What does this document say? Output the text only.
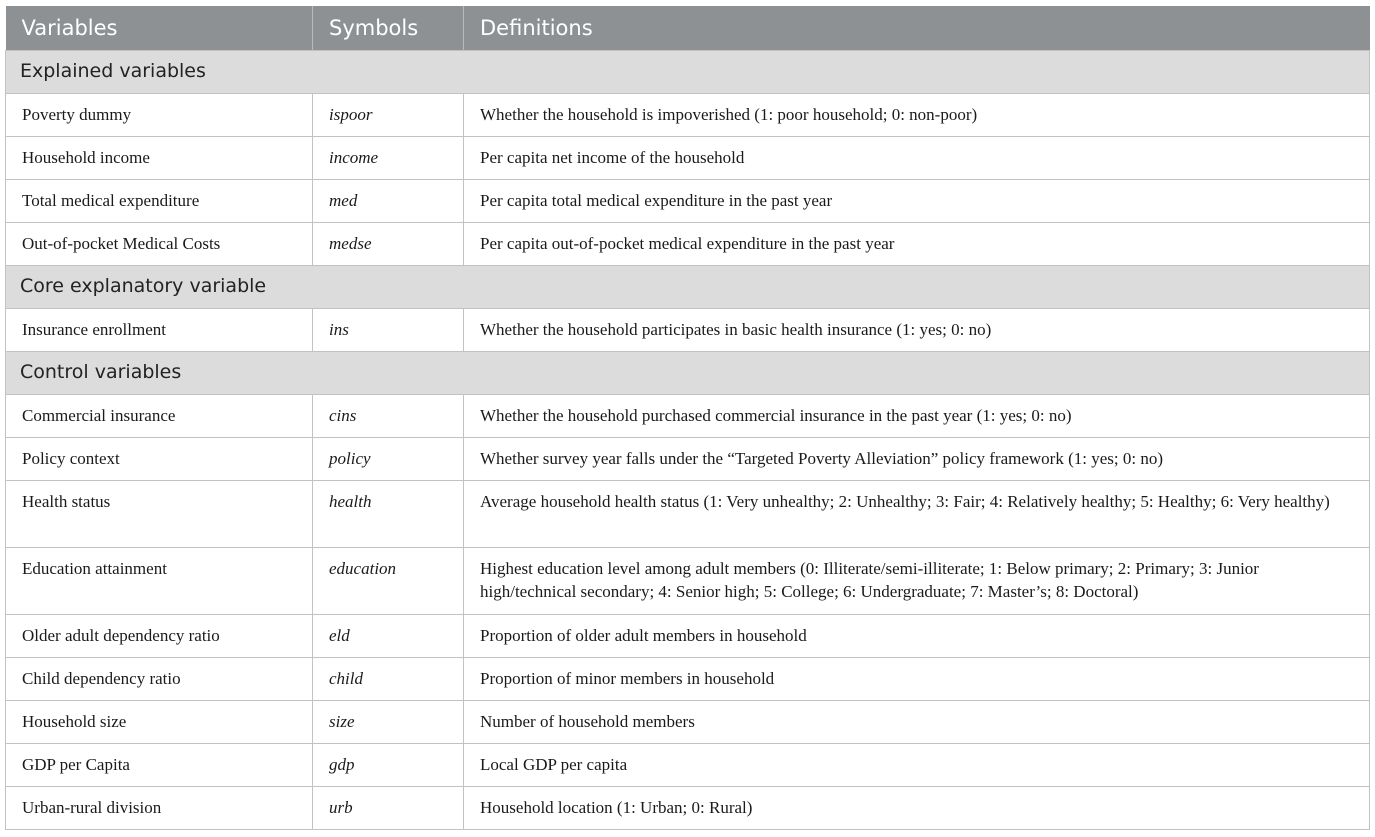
Variables	Symbols	Definitions
Explained variables		
Poverty dummy	ispoor	Whether the household is impoverished (1: poor household; 0: non-poor)
Household income	income	Per capita net income of the household
Total medical expenditure	med	Per capita total medical expenditure in the past year
Out-of-pocket Medical Costs	medse	Per capita out-of-pocket medical expenditure in the past year
Core explanatory variable		
Insurance enrollment	ins	Whether the household participates in basic health insurance (1: yes; 0: no)
Control variables		
Commercial insurance	cins	Whether the household purchased commercial insurance in the past year (1: yes; 0: no)
Policy context	policy	Whether survey year falls under the “Targeted Poverty Alleviation” policy framework (1: yes; 0: no)
Health status	health	Average household health status (1: Very unhealthy; 2: Unhealthy; 3: Fair; 4: Relatively healthy; 5: Healthy; 6: Very healthy)
Education attainment	education	Highest education level among adult members (0: Illiterate/semi-illiterate; 1: Below primary; 2: Primary; 3: Junior high/technical secondary; 4: Senior high; 5: College; 6: Undergraduate; 7: Master’s; 8: Doctoral)
Older adult dependency ratio	eld	Proportion of older adult members in household
Child dependency ratio	child	Proportion of minor members in household
Household size	size	Number of household members
GDP per Capita	gdp	Local GDP per capita
Urban-rural division	urb	Household location (1: Urban; 0: Rural)
